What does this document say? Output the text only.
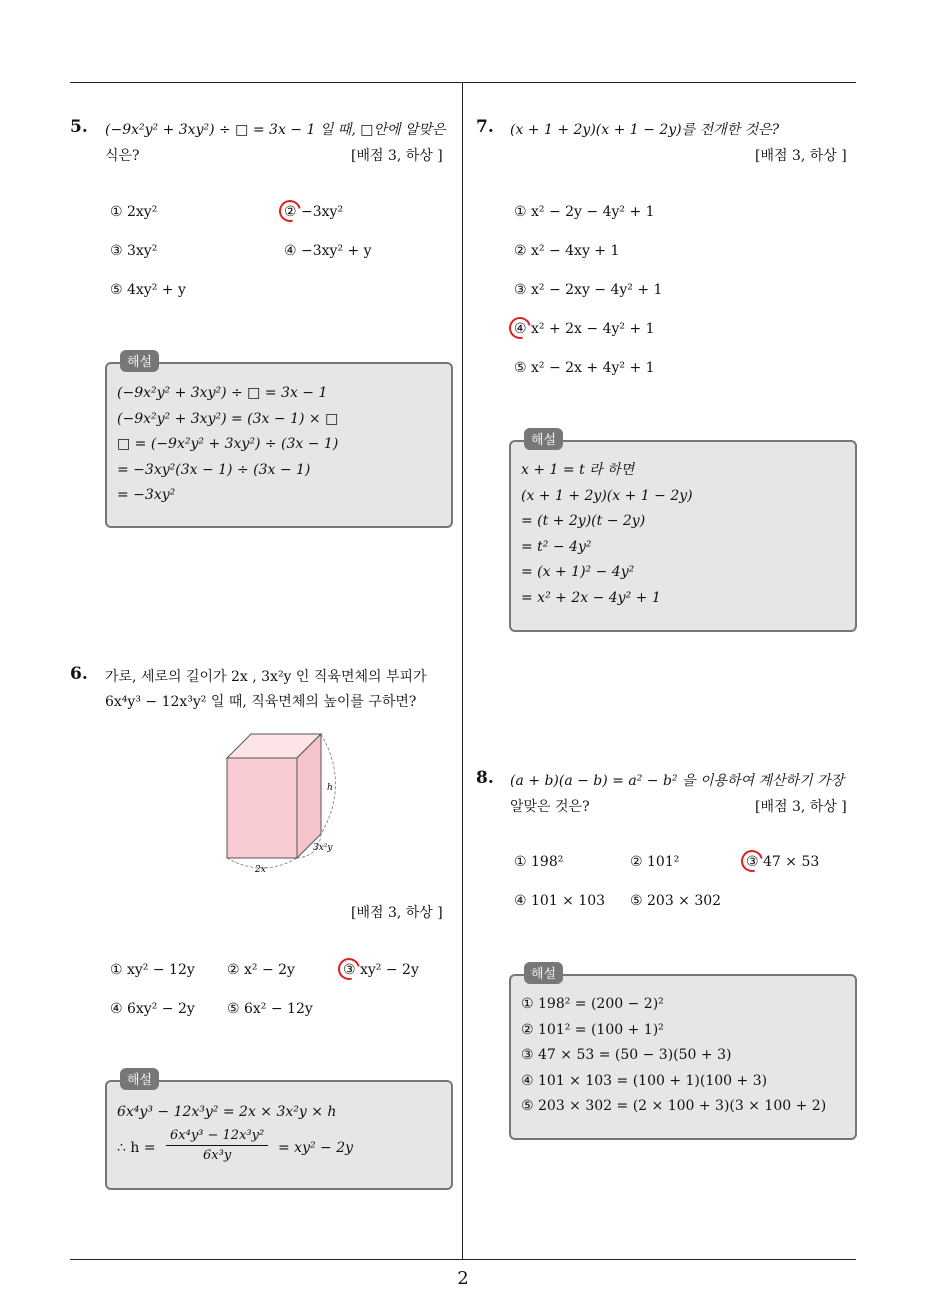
5. (−9x²y² + 3xy²) ÷ □ = 3x − 1 일 때, □안에 알맞은
식은?	[배점 3, 하상 ]
① 2xy²	② −3xy²
③ 3xy²	④ −3xy² + y
⑤ 4xy² + y
해설
(−9x²y² + 3xy²) ÷ □ = 3x − 1
(−9x²y² + 3xy²) = (3x − 1) × □
□ = (−9x²y² + 3xy²) ÷ (3x − 1)
= −3xy²(3x − 1) ÷ (3x − 1)
= −3xy²
6. 가로, 세로의 길이가 2x , 3x²y 인 직육면체의 부피가
6x⁴y³ − 12x³y² 일 때, 직육면체의 높이를 구하면?
h
2x
3x²y
[배점 3, 하상 ]
① xy² − 12y ② x² − 2y	③ xy² − 2y
④ 6xy² − 2y ⑤ 6x² − 12y
해설
6x⁴y³ − 12x³y² = 2x × 3x²y × h
∴ $h = \frac{\text{6x⁴y³ − 12x³y²}}{\text{6x³y}} = xy^2 - 2y$
7. (x + 1 + 2y)(x + 1 − 2y)를 전개한 것은?
[배점 3, 하상 ]
① x² − 2y − 4y² + 1
② x² − 4xy + 1
③ x² − 2xy − 4y² + 1
④ x² + 2x − 4y² + 1
⑤ x² − 2x + 4y² + 1
해설
x + 1 = t 라 하면
(x + 1 + 2y)(x + 1 − 2y)
= (t + 2y)(t − 2y)
= t² − 4y²
= (x + 1)² − 4y²
= x² + 2x − 4y² + 1
8. (a + b)(a − b) = a² − b² 을 이용하여 계산하기 가장
알맞은 것은?	[배점 3, 하상 ]
① 198²	② 101²	③ 47 × 53
④ 101 × 103 ⑤ 203 × 302
해설
① 198² = (200 − 2)²
② 101² = (100 + 1)²
③ 47 × 53 = (50 − 3)(50 + 3)
④ 101 × 103 = (100 + 1)(100 + 3)
⑤ 203 × 302 = (2 × 100 + 3)(3 × 100 + 2)
2
